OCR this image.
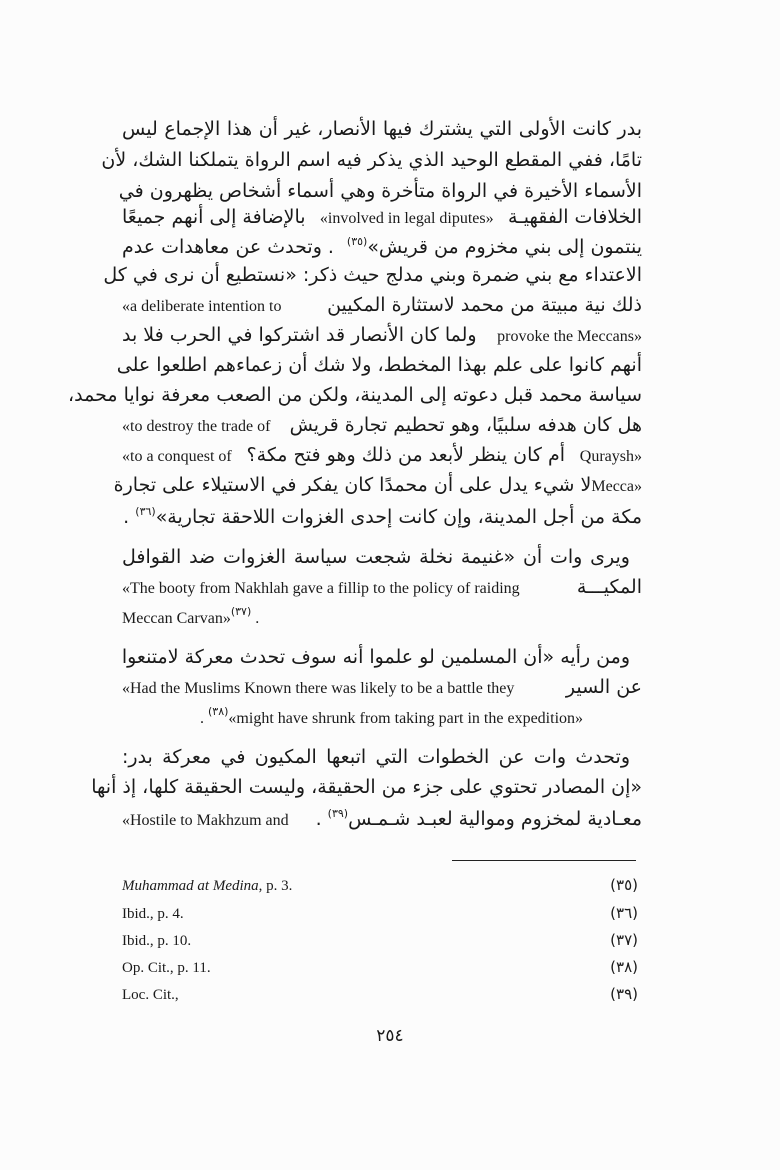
بدر كانت الأولى التي يشترك فيها الأنصار، غير أن هذا الإجماع ليس
تامًا، ففي المقطع الوحيد الذي يذكر فيه اسم الرواة يتملكنا الشك، لأن
الأسماء الأخيرة في الرواة متأخرة وهي أسماء أشخاص يظهرون في
الخلافات الفقهيـة
«involved in legal diputes»
بالإضافة إلى أنهم جميعًا
ينتمون إلى بني مخزوم من قريش»$^{(٣٥)}$
. وتحدث عن معاهدات عدم
الاعتداء مع بني ضمرة وبني مدلج حيث ذكر: «نستطيع أن نرى في كل
ذلك نية مبيتة من محمد لاستثارة المكيين
«a deliberate intention to
provoke the Meccans»
ولما كان الأنصار قد اشتركوا في الحرب فلا بد
أنهم كانوا على علم بهذا المخطط، ولا شك أن زعماءهم اطلعوا على
سياسة محمد قبل دعوته إلى المدينة، ولكن من الصعب معرفة نوايا محمد،
هل كان هدفه سلبيًا، وهو تحطيم تجارة قريش
«to destroy the trade of
Quraysh»
أم كان ينظر لأبعد من ذلك وهو فتح مكة؟
«to a conquest of
Mecca»
لا شيء يدل على أن محمدًا كان يفكر في الاستيلاء على تجارة
مكة من أجل المدينة، وإن كانت إحدى الغزوات اللاحقة تجارية»$^{(٣٦)}$ .
ويرى وات أن «غنيمة نخلة شجعت سياسة الغزوات ضد القوافل
المكيـــة
«The booty from Nakhlah gave a fillip to the policy of raiding
Meccan Carvan»$^{(٣٧)}$ .
ومن رأيه «أن المسلمين لو علموا أنه سوف تحدث معركة لامتنعوا
عن السير
«Had the Muslims Known there was likely to be a battle they
. $^{(٣٨)}$«might have shrunk from taking part in the expedition»
وتحدث وات عن الخطوات التي اتبعها المكيون في معركة بدر:
«إن المصادر تحتوي على جزء من الحقيقة، وليست الحقيقة كلها، إذ أنها
معـادية لمخزوم وموالية لعبـد شـمـس$^{(٣٩)}$ .
«Hostile to Makhzum and
Muhammad at Medina, p. 3.	(٣٥)
Ibid., p. 4.	(٣٦)
Ibid., p. 10.	(٣٧)
Op. Cit., p. 11.	(٣٨)
Loc. Cit.,	(٣٩)
٢٥٤
